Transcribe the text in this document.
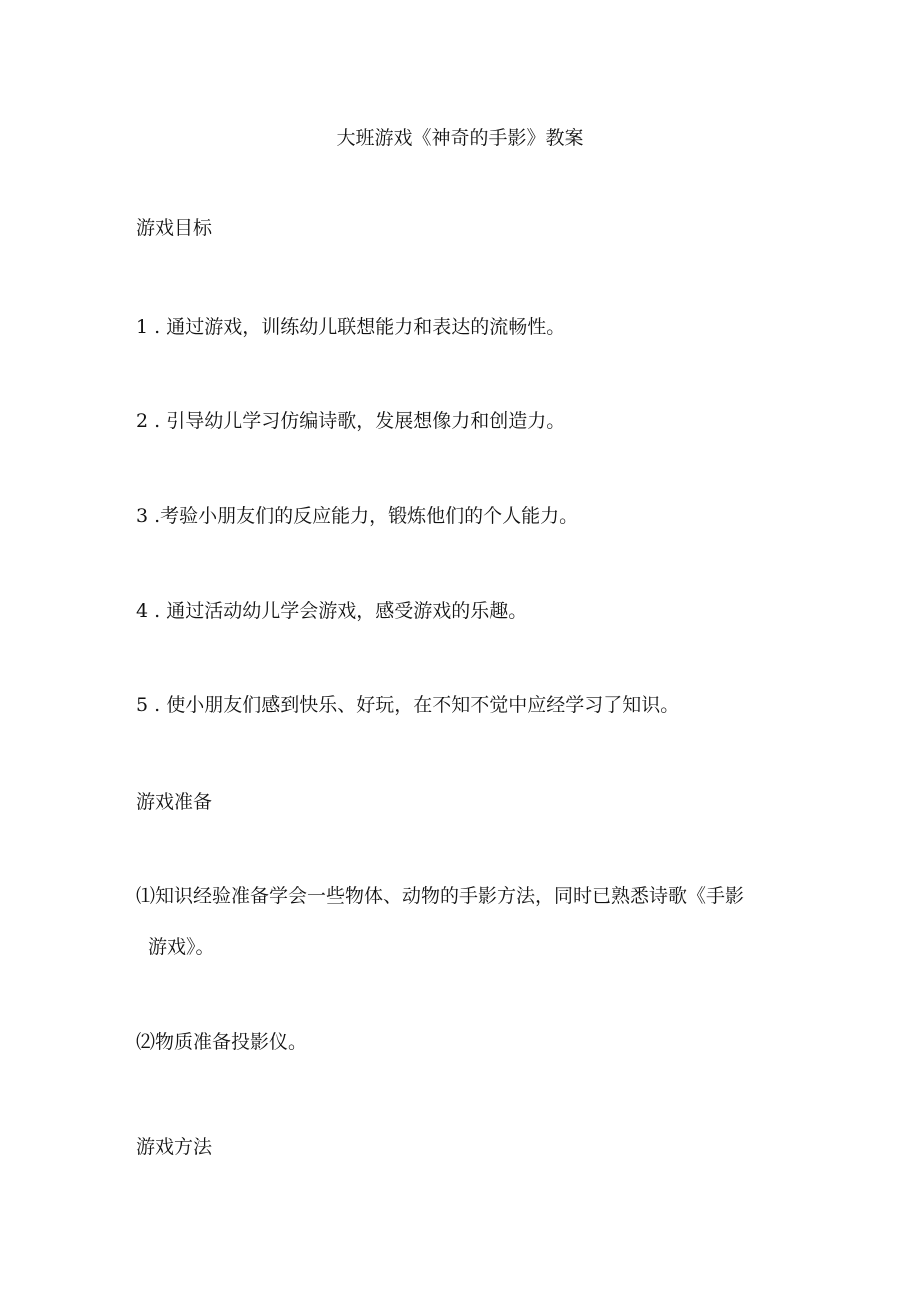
大班游戏《神奇的手影》教案
游戏目标
1 . 通过游戏，训练幼儿联想能力和表达的流畅性。
2 . 引导幼儿学习仿编诗歌，发展想像力和创造力。
3 .考验小朋友们的反应能力，锻炼他们的个人能力。
4 . 通过活动幼儿学会游戏，感受游戏的乐趣。
5 . 使小朋友们感到快乐、好玩，在不知不觉中应经学习了知识。
游戏准备
⑴知识经验准备学会一些物体、动物的手影方法，同时已熟悉诗歌《手影
游戏》。
⑵物质准备投影仪。
游戏方法
